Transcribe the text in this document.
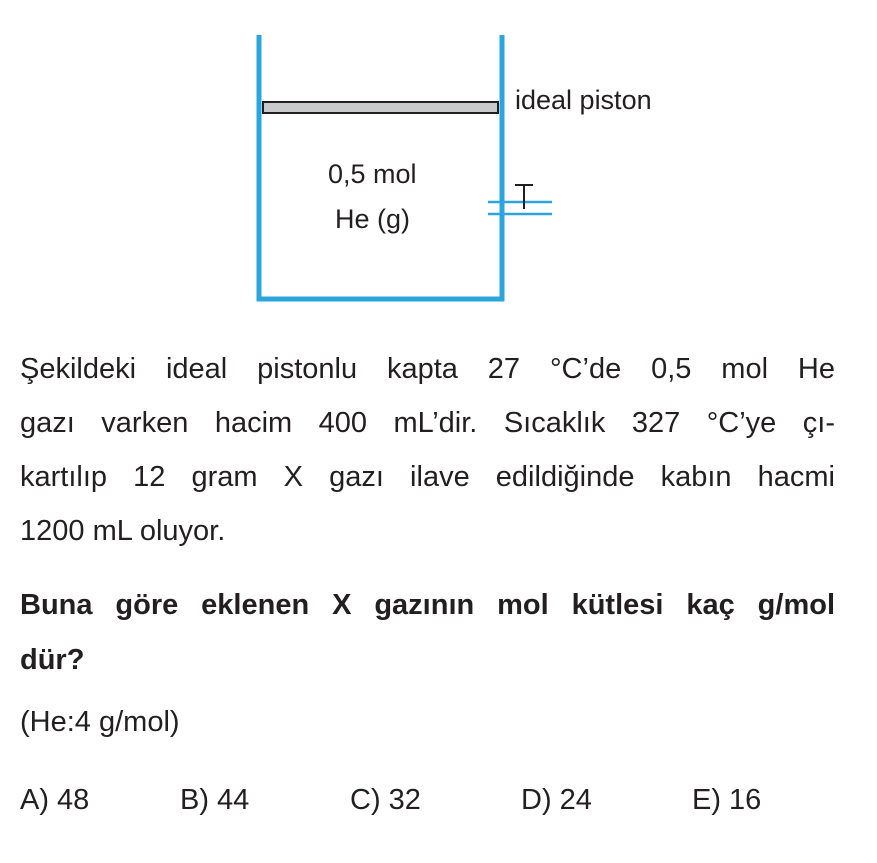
ideal piston
0,5 mol
He (g)
Şekildeki ideal pistonlu kapta 27 °C’de 0,5 mol He
gazı varken hacim 400 mL’dir. Sıcaklık 327 °C’ye çı-
kartılıp 12 gram X gazı ilave edildiğinde kabın hacmi
1200 mL oluyor.
Buna göre eklenen X gazının mol kütlesi kaç g/mol
dür?
(He:4 g/mol)
A) 48	B) 44	C) 32	D) 24	E) 16
